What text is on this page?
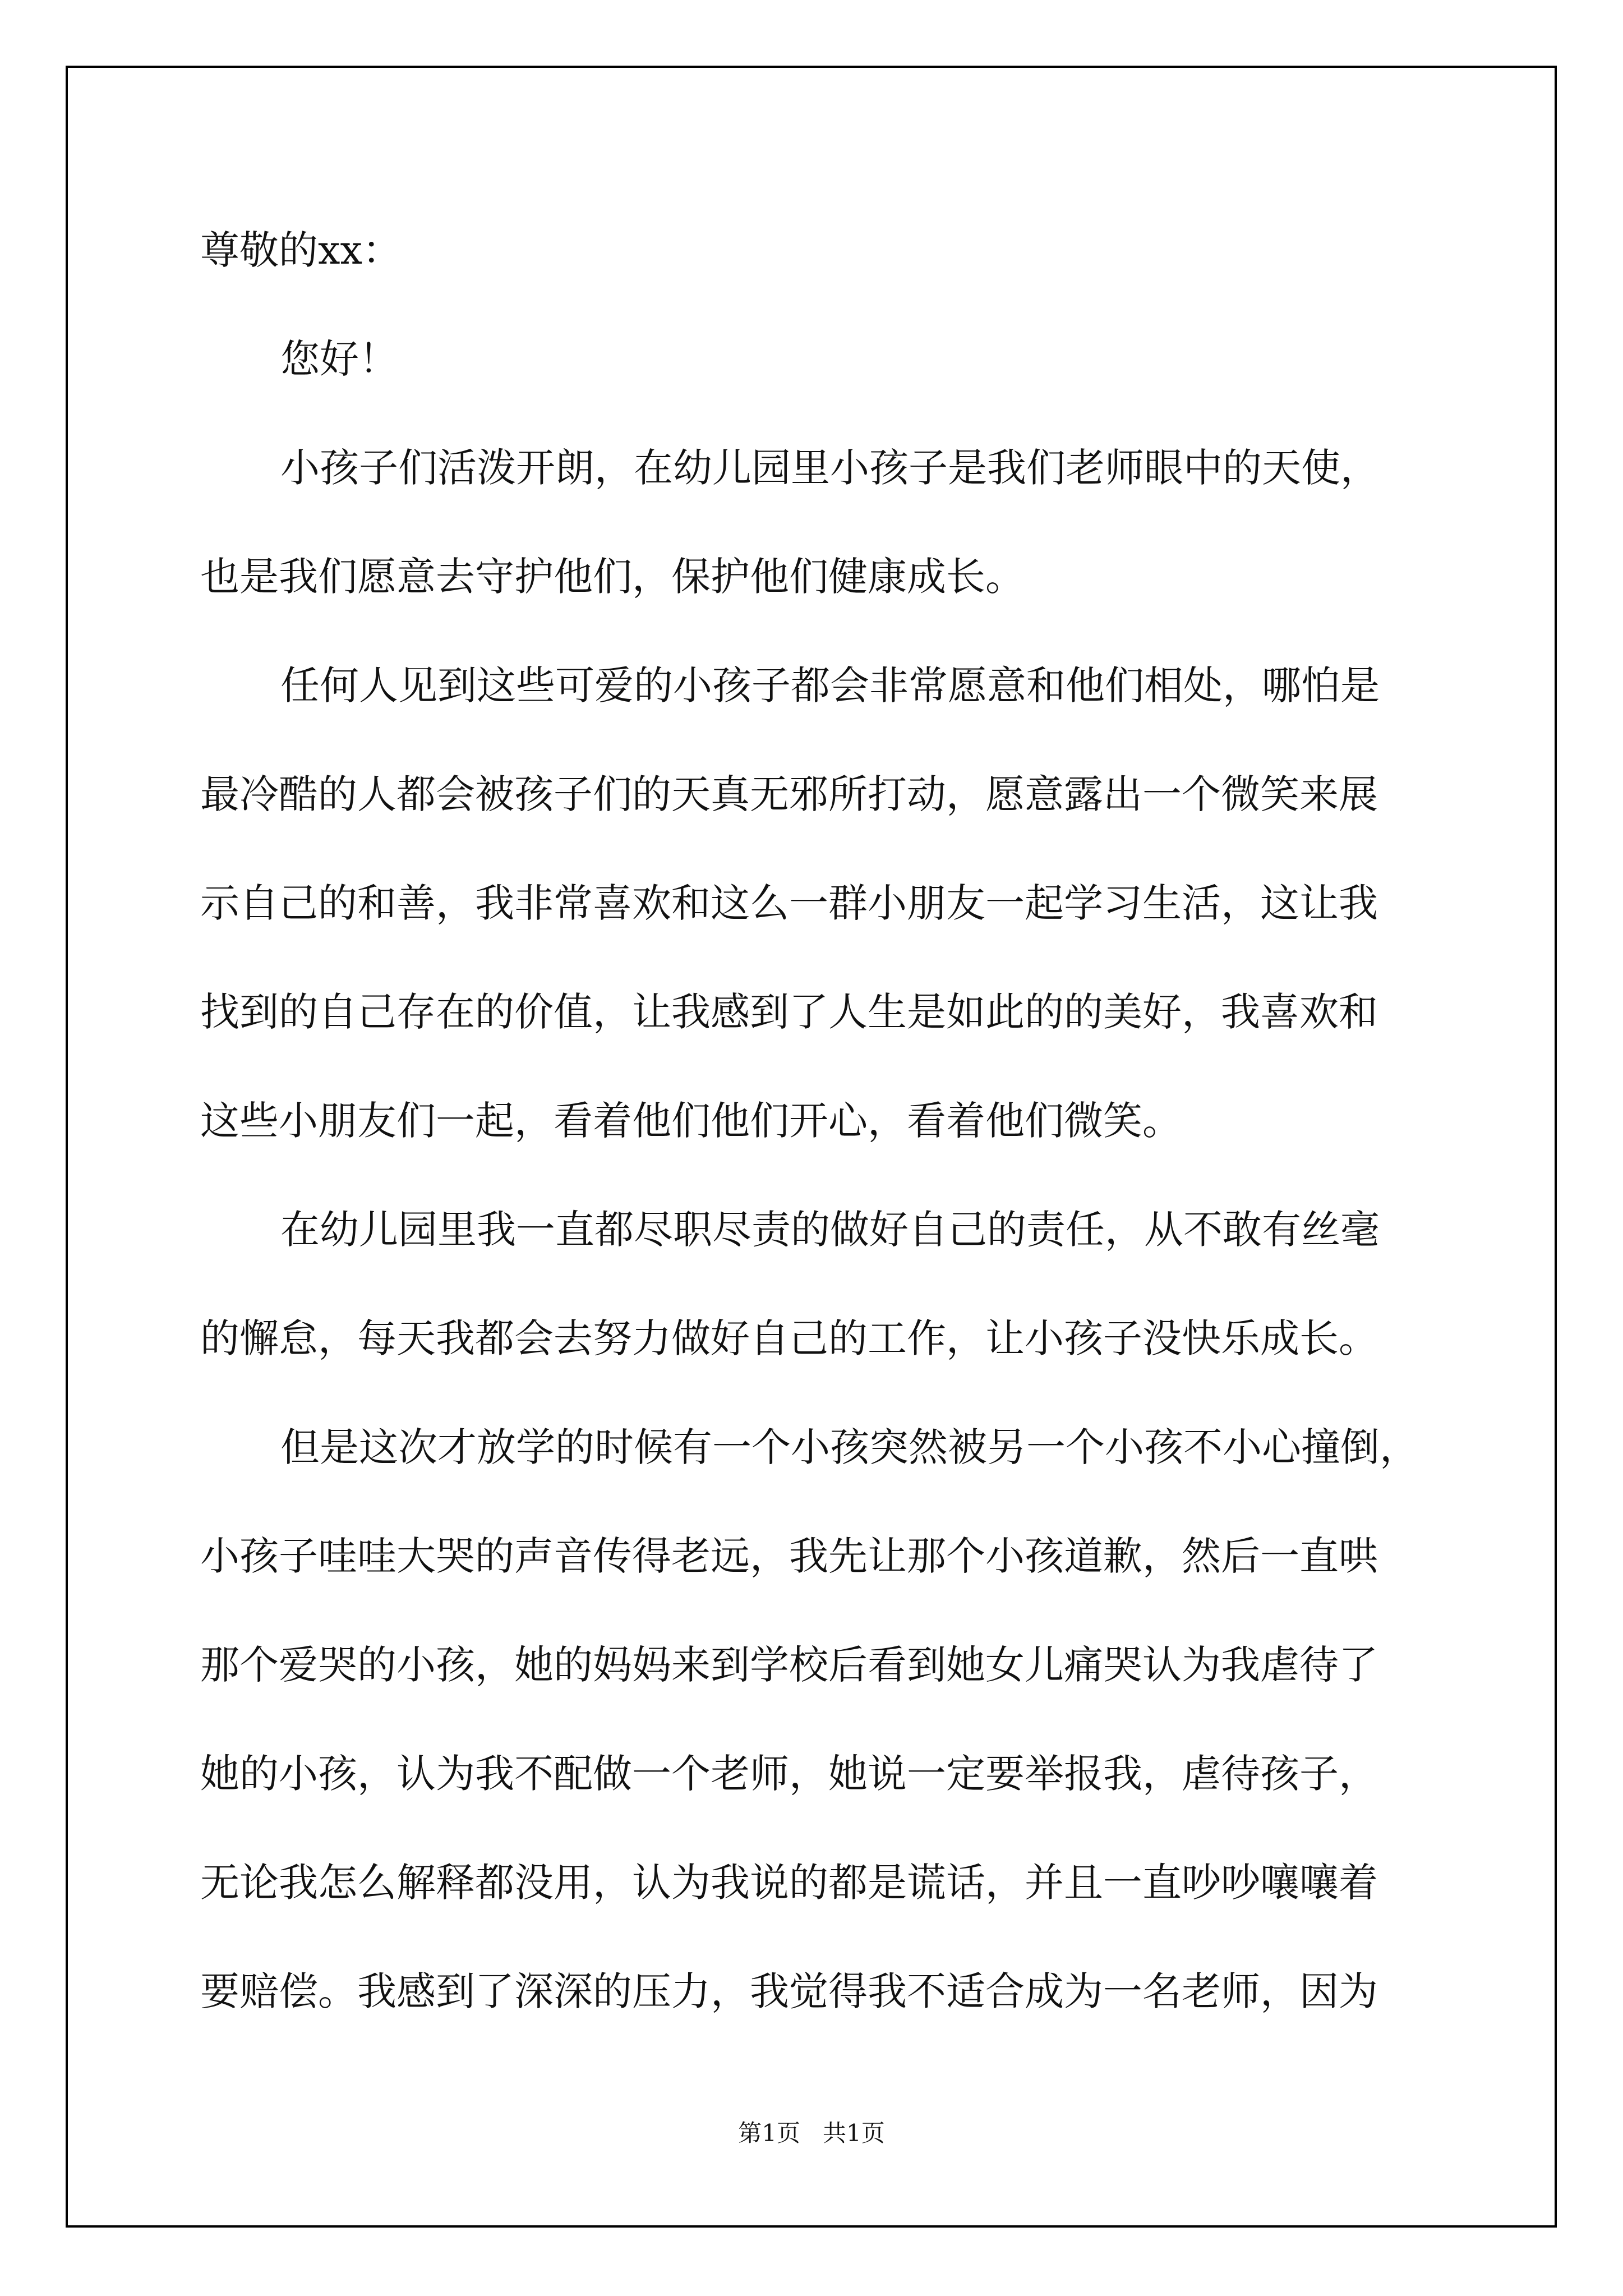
尊敬的xx：
您好！
小孩子们活泼开朗，在幼儿园里小孩子是我们老师眼中的天使，
也是我们愿意去守护他们，保护他们健康成长。
任何人见到这些可爱的小孩子都会非常愿意和他们相处，哪怕是
最冷酷的人都会被孩子们的天真无邪所打动，愿意露出一个微笑来展
示自己的和善，我非常喜欢和这么一群小朋友一起学习生活，这让我
找到的自己存在的价值，让我感到了人生是如此的的美好，我喜欢和
这些小朋友们一起，看着他们他们开心，看着他们微笑。
在幼儿园里我一直都尽职尽责的做好自己的责任，从不敢有丝毫
的懈怠，每天我都会去努力做好自己的工作，让小孩子没快乐成长。
但是这次才放学的时候有一个小孩突然被另一个小孩不小心撞倒，
小孩子哇哇大哭的声音传得老远，我先让那个小孩道歉，然后一直哄
那个爱哭的小孩，她的妈妈来到学校后看到她女儿痛哭认为我虐待了
她的小孩，认为我不配做一个老师，她说一定要举报我，虐待孩子，
无论我怎么解释都没用，认为我说的都是谎话，并且一直吵吵嚷嚷着
要赔偿。我感到了深深的压力，我觉得我不适合成为一名老师，因为
第1页   共1页
